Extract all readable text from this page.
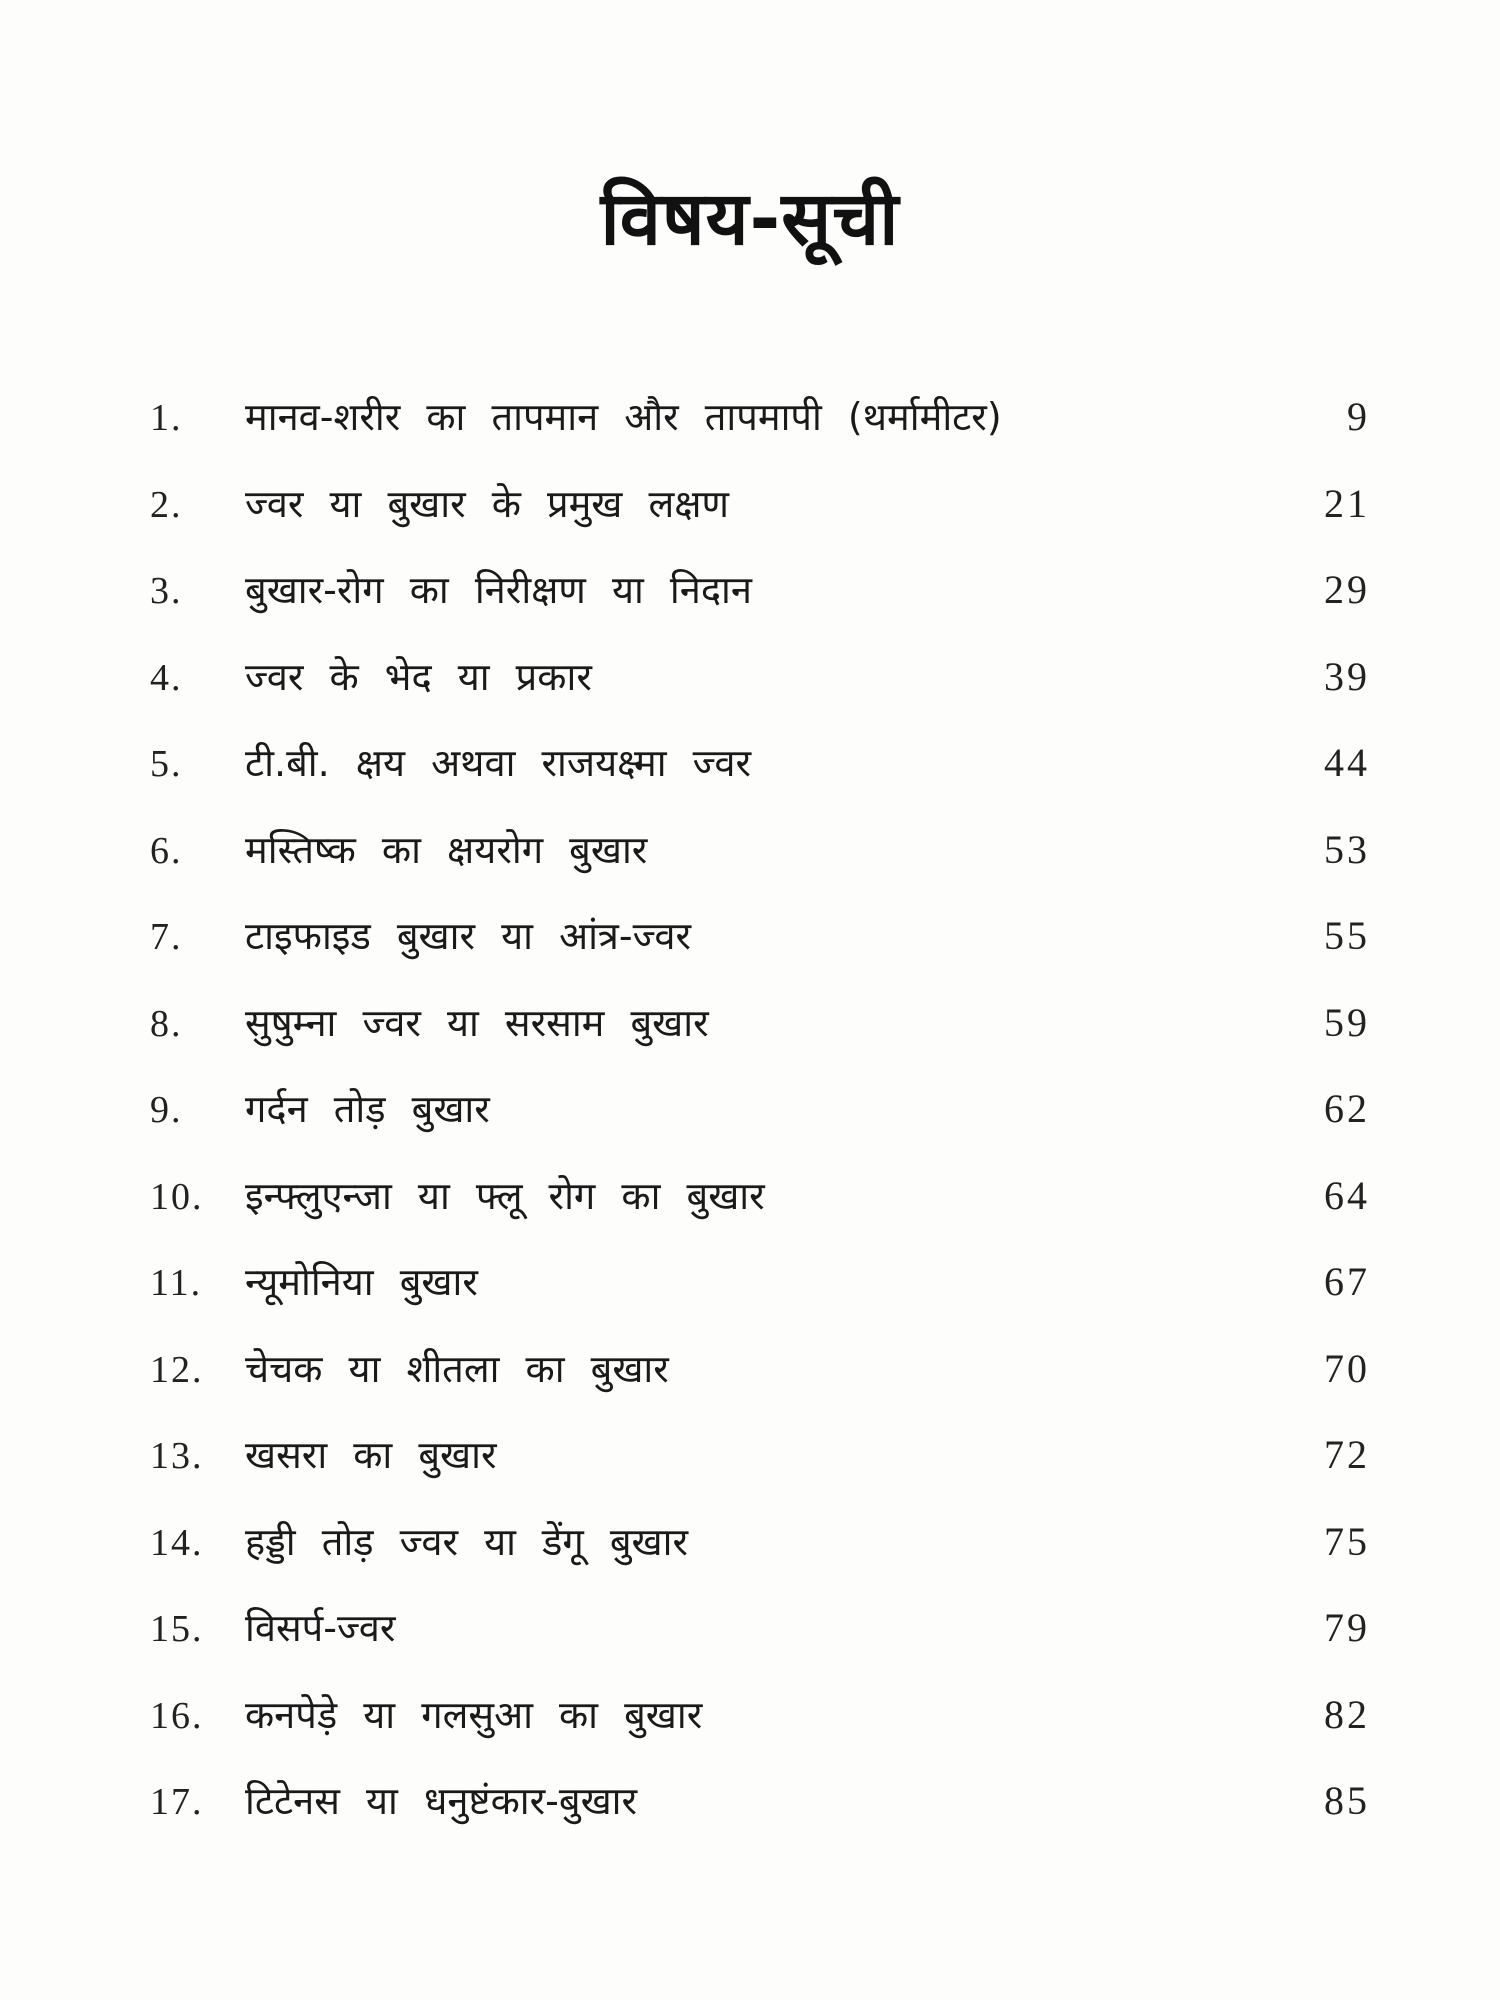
विषय-सूची
1.	मानव-शरीर का तापमान और तापमापी (थर्मामीटर)	9
2.	ज्वर या बुखार के प्रमुख लक्षण	21
3.	बुखार-रोग का निरीक्षण या निदान	29
4.	ज्वर के भेद या प्रकार	39
5.	टी.बी. क्षय अथवा राजयक्ष्मा ज्वर	44
6.	मस्तिष्क का क्षयरोग बुखार	53
7.	टाइफाइड बुखार या आंत्र-ज्वर	55
8.	सुषुम्ना ज्वर या सरसाम बुखार	59
9.	गर्दन तोड़ बुखार	62
10.	इन्फ्लुएन्जा या फ्लू रोग का बुखार	64
11.	न्यूमोनिया बुखार	67
12.	चेचक या शीतला का बुखार	70
13.	खसरा का बुखार	72
14.	हड्डी तोड़ ज्वर या डेंगू बुखार	75
15.	विसर्प-ज्वर	79
16.	कनपेड़े या गलसुआ का बुखार	82
17.	टिटेनस या धनुष्टंकार-बुखार	85
